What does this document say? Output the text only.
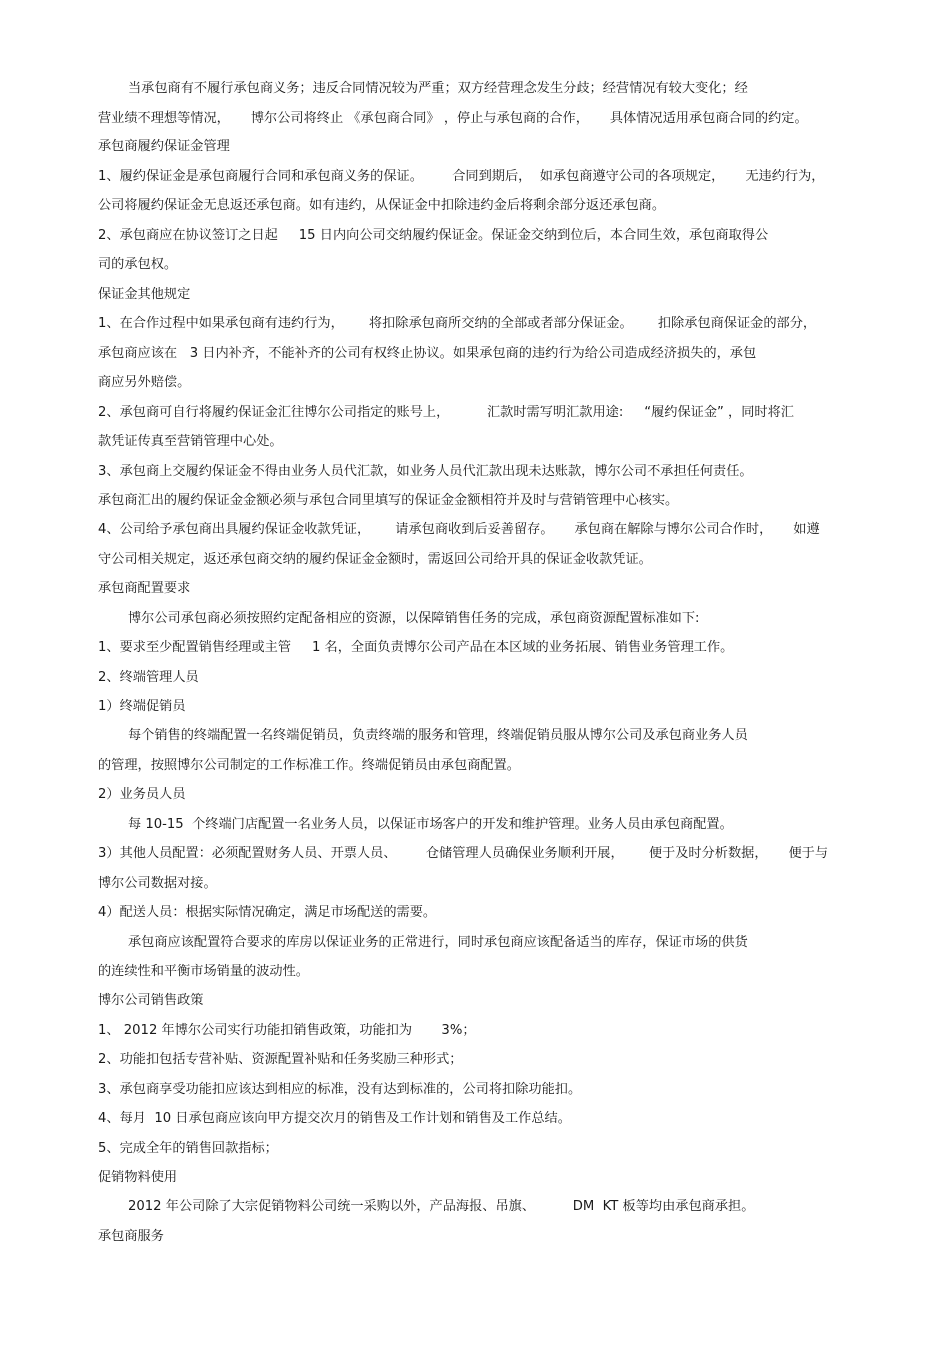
当承包商有不履行承包商义务；违反合同情况较为严重；双方经营理念发生分歧；经营情况有较大变化；经
营业绩不理想等情况，     博尔公司将终止 《承包商合同》 ，停止与承包商的合作，     具体情况适用承包商合同的约定。
承包商履约保证金管理
1、履约保证金是承包商履行合同和承包商义务的保证。       合同到期后，  如承包商遵守公司的各项规定，     无违约行为，
公司将履约保证金无息返还承包商。如有违约，从保证金中扣除违约金后将剩余部分返还承包商。
2、承包商应在协议签订之日起     15 日内向公司交纳履约保证金。保证金交纳到位后，本合同生效，承包商取得公
司的承包权。
保证金其他规定
1、在合作过程中如果承包商有违约行为，      将扣除承包商所交纳的全部或者部分保证金。      扣除承包商保证金的部分，
承包商应该在   3 日内补齐，不能补齐的公司有权终止协议。如果承包商的违约行为给公司造成经济损失的，承包
商应另外赔偿。
2、承包商可自行将履约保证金汇往博尔公司指定的账号上，         汇款时需写明汇款用途:     “履约保证金” ，同时将汇
款凭证传真至营销管理中心处。
3、承包商上交履约保证金不得由业务人员代汇款，如业务人员代汇款出现未达账款，博尔公司不承担任何责任。
承包商汇出的履约保证金金额必须与承包合同里填写的保证金金额相符并及时与营销管理中心核实。
4、公司给予承包商出具履约保证金收款凭证，      请承包商收到后妥善留存。     承包商在解除与博尔公司合作时，     如遵
守公司相关规定，返还承包商交纳的履约保证金金额时，需返回公司给开具的保证金收款凭证。
承包商配置要求
博尔公司承包商必须按照约定配备相应的资源，以保障销售任务的完成，承包商资源配置标准如下:
1、要求至少配置销售经理或主管     1 名，全面负责博尔公司产品在本区域的业务拓展、销售业务管理工作。
2、终端管理人员
1）终端促销员
每个销售的终端配置一名终端促销员，负责终端的服务和管理，终端促销员服从博尔公司及承包商业务人员
的管理，按照博尔公司制定的工作标准工作。终端促销员由承包商配置。
2）业务员人员
每 10-15  个终端门店配置一名业务人员，以保证市场客户的开发和维护管理。业务人员由承包商配置。
3）其他人员配置：必须配置财务人员、开票人员、       仓储管理人员确保业务顺利开展，      便于及时分析数据，     便于与
博尔公司数据对接。
4）配送人员：根据实际情况确定，满足市场配送的需要。
承包商应该配置符合要求的库房以保证业务的正常进行，同时承包商应该配备适当的库存，保证市场的供货
的连续性和平衡市场销量的波动性。
博尔公司销售政策
1、 2012 年博尔公司实行功能扣销售政策，功能扣为       3%；
2、功能扣包括专营补贴、资源配置补贴和任务奖励三种形式；
3、承包商享受功能扣应该达到相应的标准，没有达到标准的，公司将扣除功能扣。
4、每月  10 日承包商应该向甲方提交次月的销售及工作计划和销售及工作总结。
5、完成全年的销售回款指标；
促销物料使用
2012 年公司除了大宗促销物料公司统一采购以外，产品海报、吊旗、         DM  KT 板等均由承包商承担。
承包商服务
